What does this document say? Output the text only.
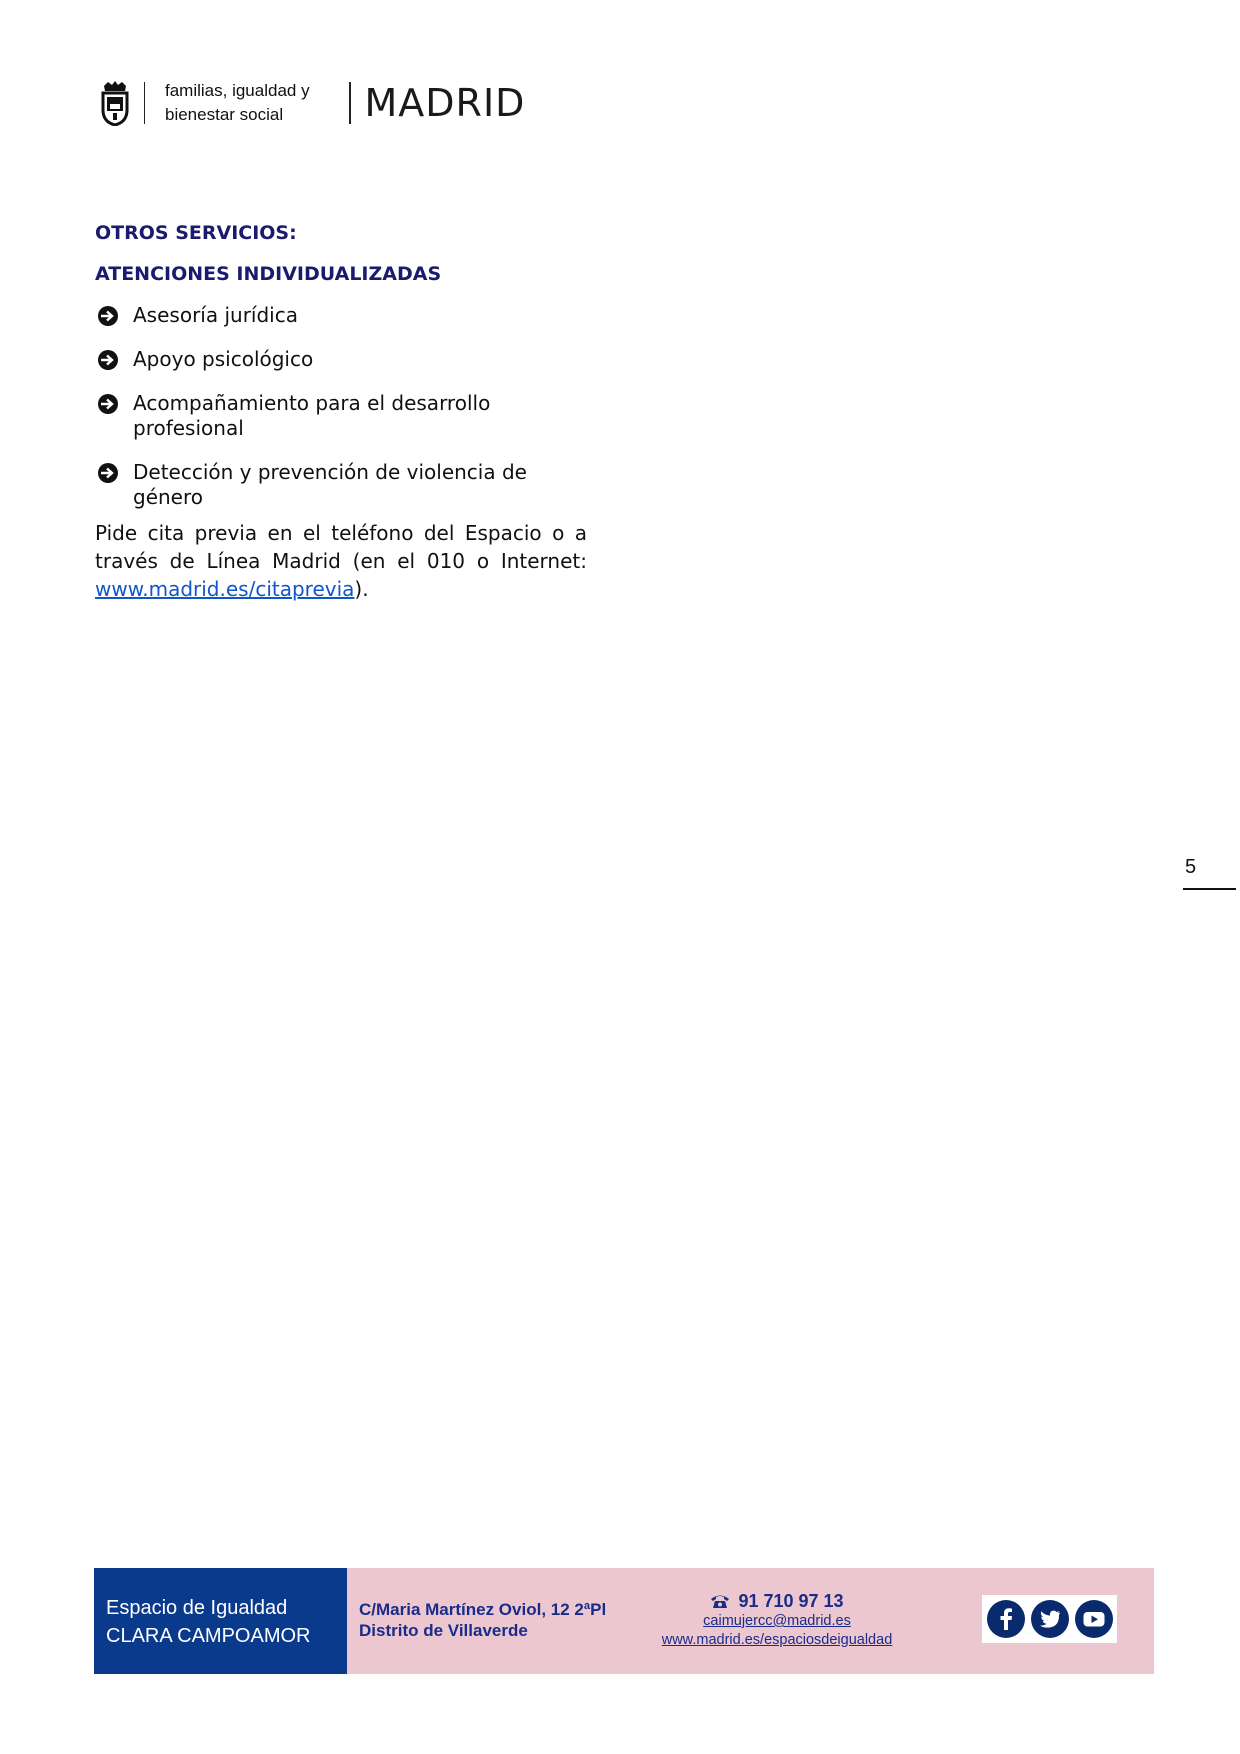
familias, igualdad y bienestar social	MADRID
OTROS SERVICIOS:
ATENCIONES INDIVIDUALIZADAS
Asesoría jurídica
Apoyo psicológico
Acompañamiento para el desarrollo profesional
Detección y prevención de violencia de género

Pide cita previa en el teléfono del Espacio o a través de Línea Madrid (en el 010 o Internet: www.madrid.es/citaprevia).

5
Espacio de Igualdad
CLARA CAMPOAMOR
C/Maria Martínez Oviol, 12 2ªPl
Distrito de Villaverde
91 710 97 13
caimujercc@madrid.es
www.madrid.es/espaciosdeigualdad
